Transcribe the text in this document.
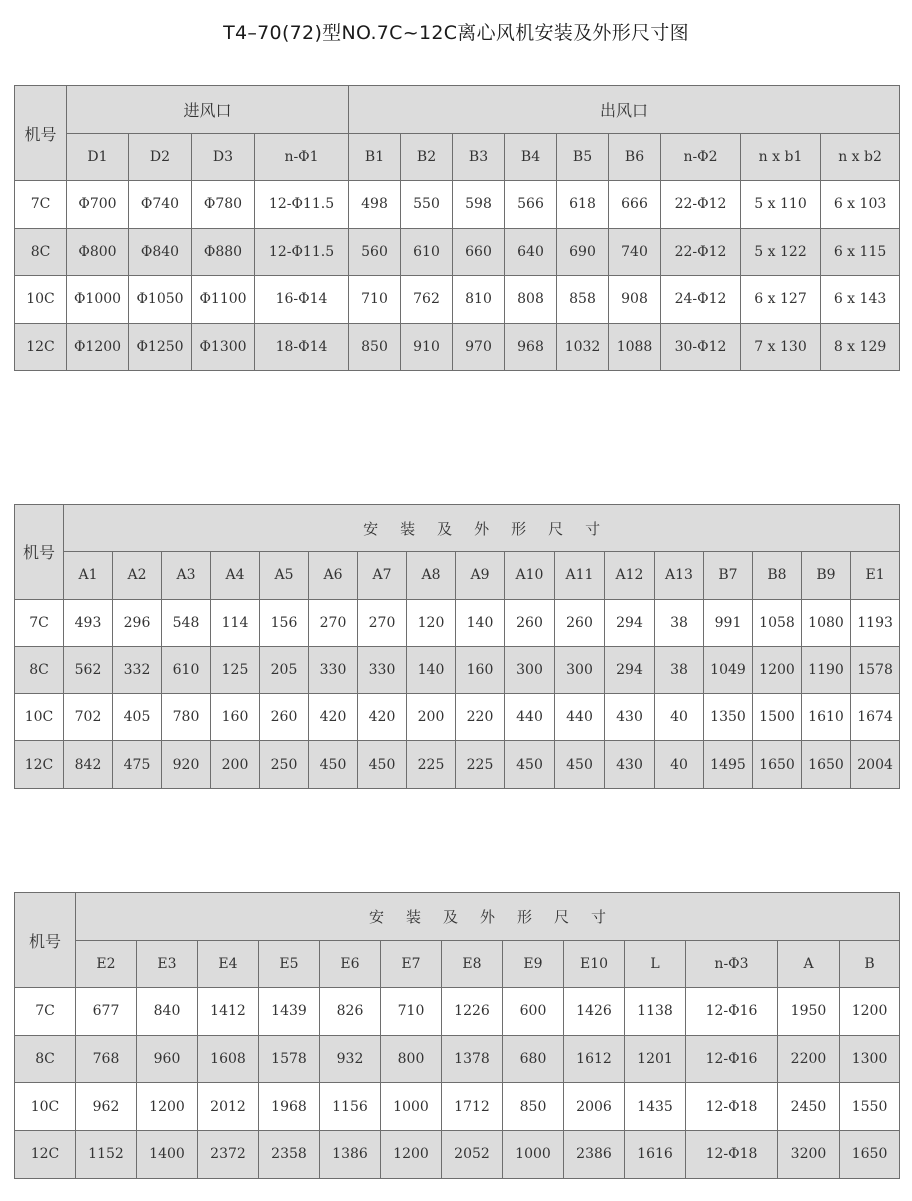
T4–70(72)型NO.7C~12C离心风机安装及外形尺寸图
机号	进风口				出风口								
	D1	D2	D3	n-Φ1	B1	B2	B3	B4	B5	B6	n-Φ2	n x b1	n x b2
7C	Φ700	Φ740	Φ780	12-Φ11.5	498	550	598	566	618	666	22-Φ12	5 x 110	6 x 103
8C	Φ800	Φ840	Φ880	12-Φ11.5	560	610	660	640	690	740	22-Φ12	5 x 122	6 x 115
10C	Φ1000	Φ1050	Φ1100	16-Φ14	710	762	810	808	858	908	24-Φ12	6 x 127	6 x 143
12C	Φ1200	Φ1250	Φ1300	18-Φ14	850	910	970	968	1032	1088	30-Φ12	7 x 130	8 x 129
机号	安装及外形尺寸																
	A1	A2	A3	A4	A5	A6	A7	A8	A9	A10	A11	A12	A13	B7	B8	B9	E1
7C	493	296	548	114	156	270	270	120	140	260	260	294	38	991	1058	1080	1193
8C	562	332	610	125	205	330	330	140	160	300	300	294	38	1049	1200	1190	1578
10C	702	405	780	160	260	420	420	200	220	440	440	430	40	1350	1500	1610	1674
12C	842	475	920	200	250	450	450	225	225	450	450	430	40	1495	1650	1650	2004
机号	安装及外形尺寸												
	E2	E3	E4	E5	E6	E7	E8	E9	E10	L	n-Φ3	A	B
7C	677	840	1412	1439	826	710	1226	600	1426	1138	12-Φ16	1950	1200
8C	768	960	1608	1578	932	800	1378	680	1612	1201	12-Φ16	2200	1300
10C	962	1200	2012	1968	1156	1000	1712	850	2006	1435	12-Φ18	2450	1550
12C	1152	1400	2372	2358	1386	1200	2052	1000	2386	1616	12-Φ18	3200	1650
